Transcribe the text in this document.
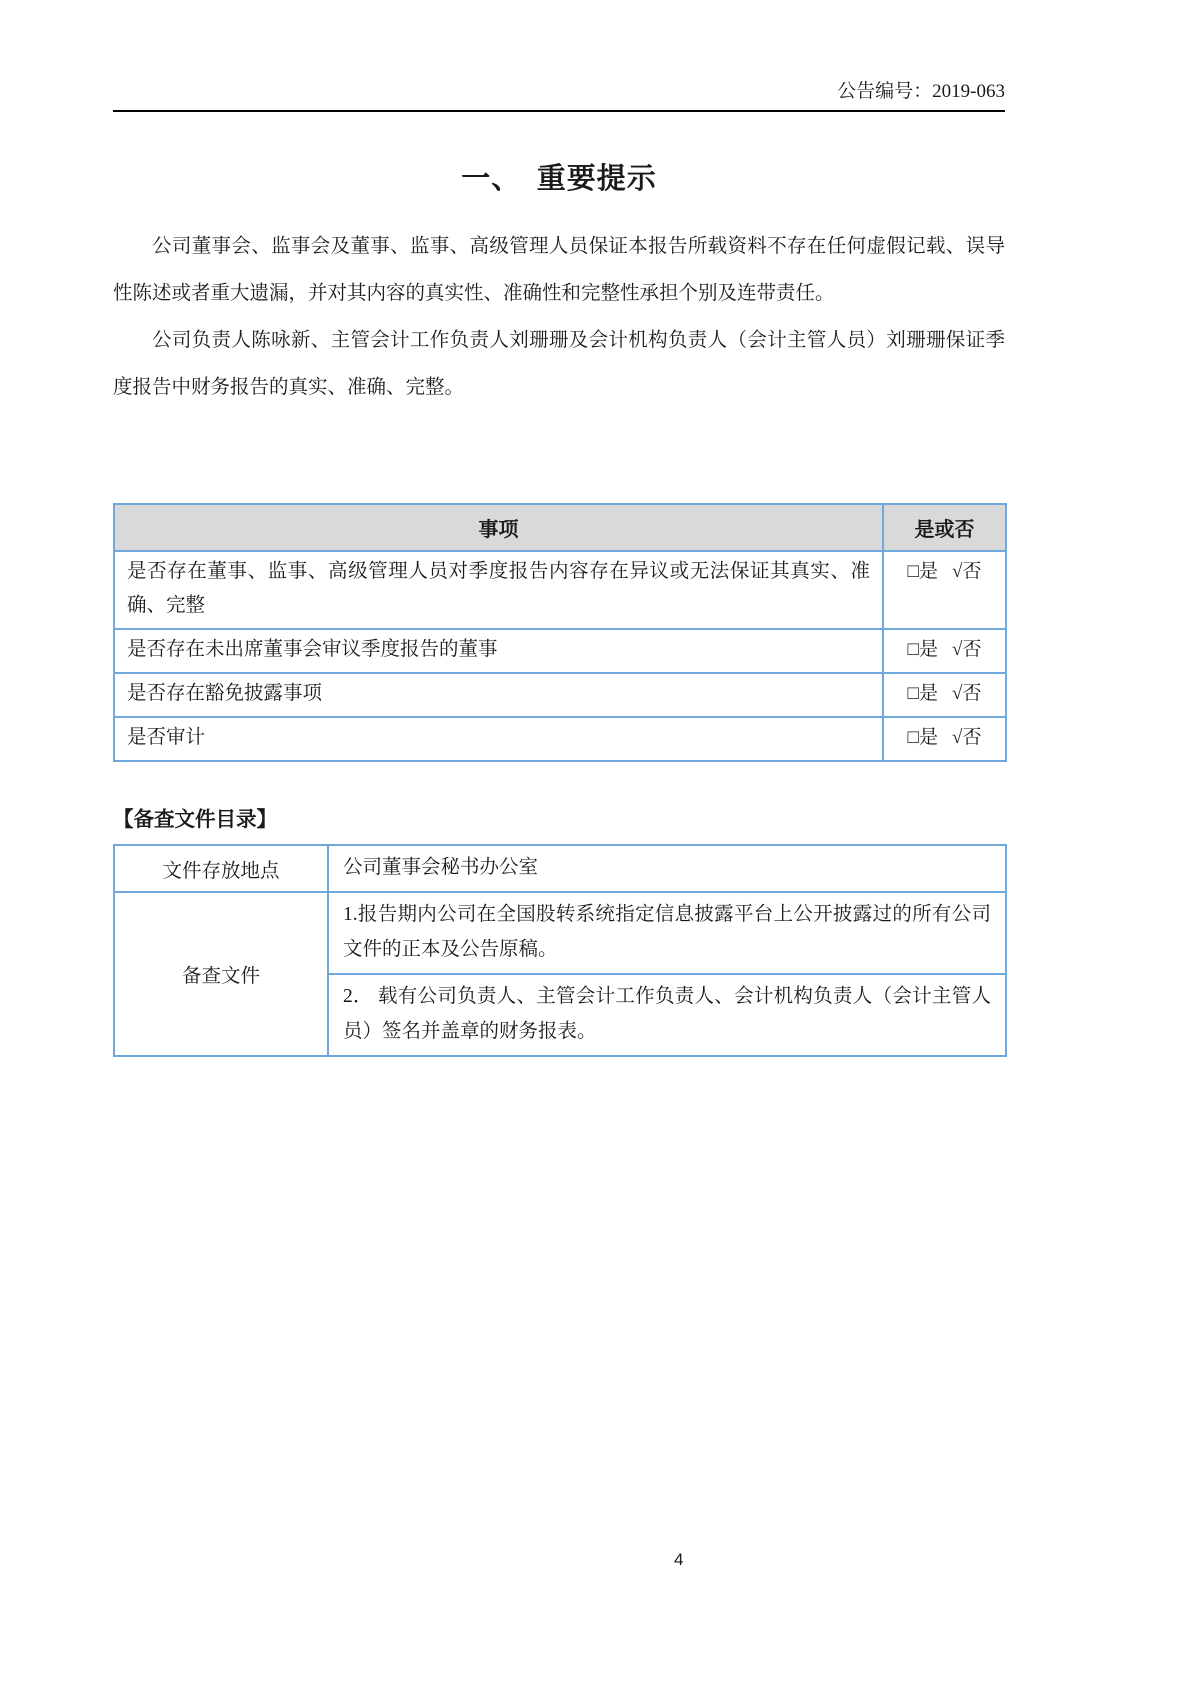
公告编号：2019-063
一、　重要提示

公司董事会、监事会及董事、监事、高级管理人员保证本报告所载资料不存在任何虚假记载、误导性陈述或者重大遗漏，并对其内容的真实性、准确性和完整性承担个别及连带责任。

公司负责人陈咏新、主管会计工作负责人刘珊珊及会计机构负责人（会计主管人员）刘珊珊保证季度报告中财务报告的真实、准确、完整。

事项	是或否
是否存在董事、监事、高级管理人员对季度报告内容存在异议或无法保证其真实、准确、完整	□是 √否
是否存在未出席董事会审议季度报告的董事	□是 √否
是否存在豁免披露事项	□是 √否
是否审计	□是 √否
【备查文件目录】
文件存放地点	公司董事会秘书办公室
备查文件	1.报告期内公司在全国股转系统指定信息披露平台上公开披露过的所有公司文件的正本及公告原稿。
	2． 载有公司负责人、主管会计工作负责人、会计机构负责人（会计主管人员）签名并盖章的财务报表。
4
